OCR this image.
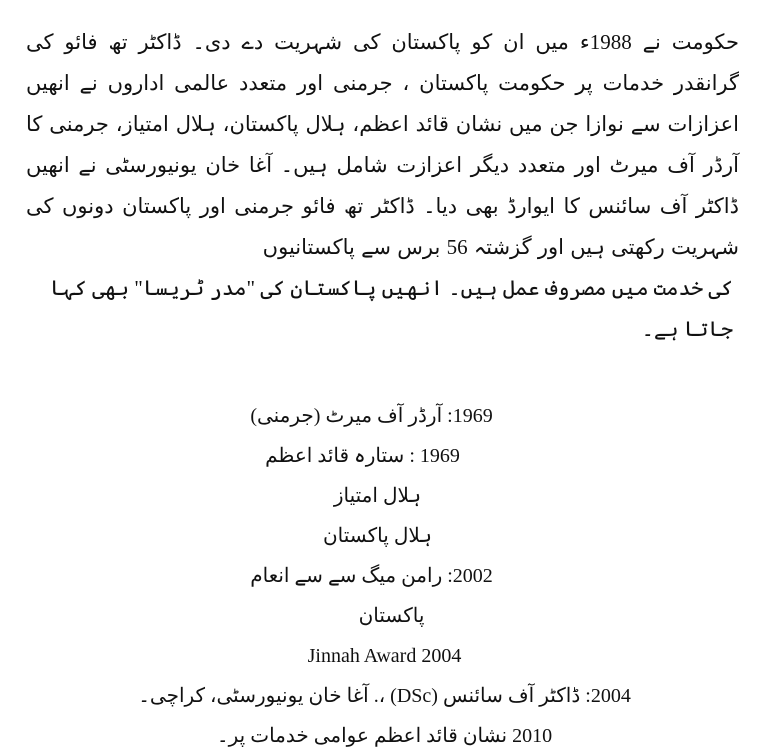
حکومت نے 1988ء میں ان کو پاکستان کی شہریت دے دی۔ ڈاکٹر تھ فائو کی گرانقدر خدمات پر حکومت پاکستان ، جرمنی اور متعدد عالمی اداروں نے انھیں اعزازات سے نوازا جن میں نشان قائد اعظم، ہلال پاکستان، ہلال امتیاز، جرمنی کا آرڈر آف میرٹ اور متعدد دیگر اعزازت شامل ہیں۔ آغا خان یونیورسٹی نے انھیں ڈاکٹر آف سائنس کا ایوارڈ بھی دیا۔ ڈاکٹر تھ فائو جرمنی اور پاکستان دونوں کی شہریت رکھتی ہیں اور گزشتہ 56 برس سے پاکستانیوں

کی خدمت میں مصروف عمل ہیں۔ انھیں پاکستان کی "مدر ٹریسا" بھی کہا جاتا ہے۔

1969: آرڈر آف میرٹ (جرمنی)
1969 : ستارہ قائد اعظم
ہلال امتیاز
ہلال پاکستان
2002: رامن میگ سے سے انعام
پاکستان
Jinnah Award 2004
2004: ڈاکٹر آف سائنس (DSc) ،. آغا خان یونیورسٹی، کراچی۔
2010 نشان قائد اعظم عوامی خدمات پر۔
